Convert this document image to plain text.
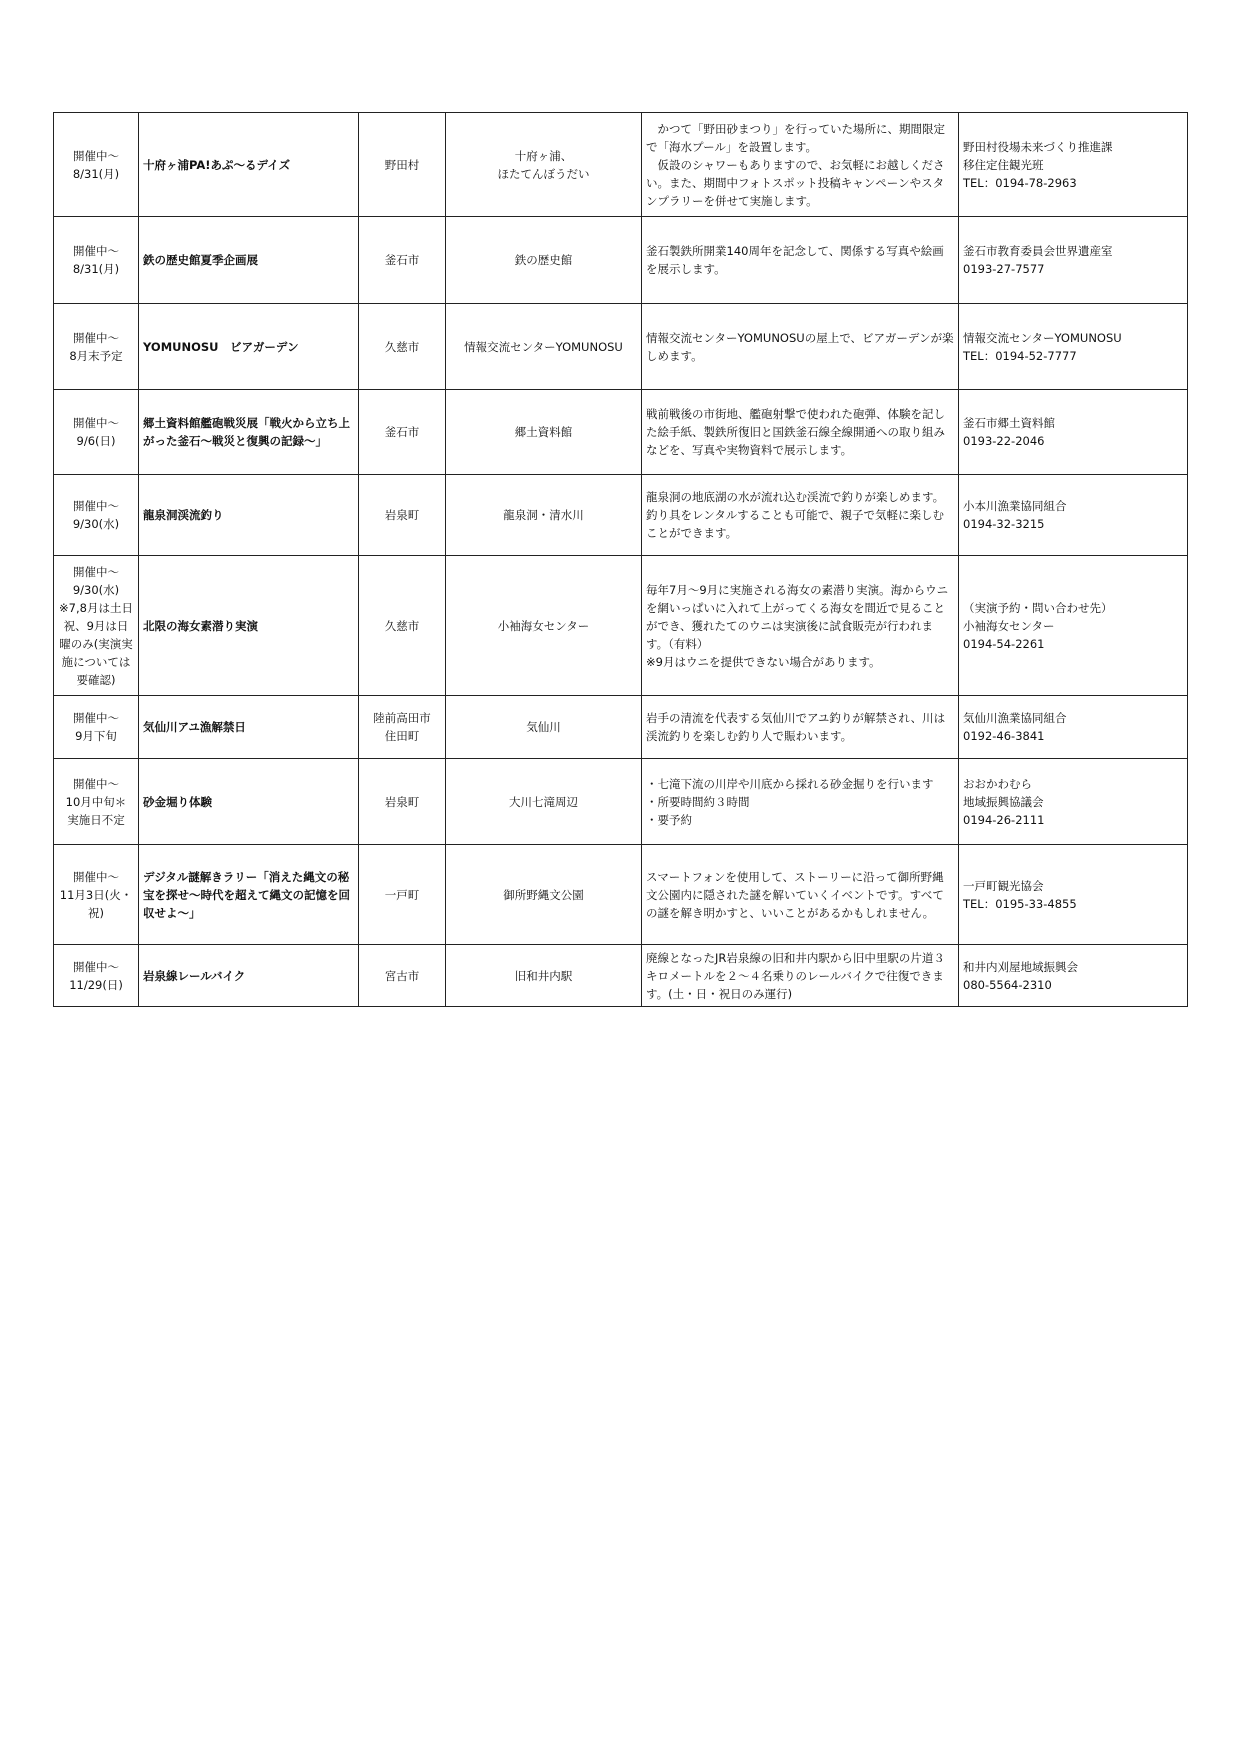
開催中～
8/31(月)	十府ヶ浦PA!あぷ～るデイズ	野田村	十府ヶ浦、
ほたてんぼうだい	　かつて「野田砂まつり」を行っていた場所に、期間限定で「海水プール」を設置します。
　仮設のシャワーもありますので、お気軽にお越しください。また、期間中フォトスポット投稿キャンペーンやスタンプラリーを併せて実施します。	野田村役場未来づくり推進課
移住定住観光班
TEL：0194-78-2963
開催中～
8/31(月)	鉄の歴史館夏季企画展	釜石市	鉄の歴史館	釜石製鉄所開業140周年を記念して、関係する写真や絵画を展示します。	釜石市教育委員会世界遺産室
0193-27-7577
開催中～
8月末予定	YOMUNOSU　ビアガーデン	久慈市	情報交流センターYOMUNOSU	情報交流センターYOMUNOSUの屋上で、ビアガーデンが楽しめます。	情報交流センターYOMUNOSU
TEL：0194-52-7777
開催中～
9/6(日)	郷土資料館艦砲戦災展「戦火から立ち上がった釜石～戦災と復興の記録～」	釜石市	郷土資料館	戦前戦後の市街地、艦砲射撃で使われた砲弾、体験を記した絵手紙、製鉄所復旧と国鉄釜石線全線開通への取り組みなどを、写真や実物資料で展示します。	釜石市郷土資料館
0193-22-2046
開催中～
9/30(水)	龍泉洞渓流釣り	岩泉町	龍泉洞・清水川	龍泉洞の地底湖の水が流れ込む渓流で釣りが楽しめます。釣り具をレンタルすることも可能で、親子で気軽に楽しむことができます。	小本川漁業協同組合
0194-32-3215
開催中～
9/30(水)
※7,8月は土日祝、9月は日曜のみ(実演実施については要確認)	北限の海女素潜り実演	久慈市	小袖海女センター	毎年7月～9月に実施される海女の素潜り実演。海からウニを網いっぱいに入れて上がってくる海女を間近で見ることができ、獲れたてのウニは実演後に試食販売が行われます。（有料）
※9月はウニを提供できない場合があります。	（実演予約・問い合わせ先）
小袖海女センター
0194-54-2261
開催中～
9月下旬	気仙川アユ漁解禁日	陸前高田市
住田町	気仙川	岩手の清流を代表する気仙川でアユ釣りが解禁され、川は渓流釣りを楽しむ釣り人で賑わいます。	気仙川漁業協同組合
0192-46-3841
開催中～
10月中旬＊
実施日不定	砂金堀り体験	岩泉町	大川七滝周辺	・七滝下流の川岸や川底から採れる砂金掘りを行います
・所要時間約３時間
・要予約	おおかわむら
地域振興協議会
0194-26-2111
開催中～
11月3日(火・祝)	デジタル謎解きラリー「消えた縄文の秘宝を探せ～時代を超えて縄文の記憶を回収せよ～」	一戸町	御所野縄文公園	スマートフォンを使用して、ストーリーに沿って御所野縄文公園内に隠された謎を解いていくイベントです。すべての謎を解き明かすと、いいことがあるかもしれません。	一戸町観光協会
TEL：0195-33-4855
開催中～
11/29(日)	岩泉線レールバイク	宮古市	旧和井内駅	廃線となったJR岩泉線の旧和井内駅から旧中里駅の片道３キロメートルを２～４名乗りのレールバイクで往復できます。(土・日・祝日のみ運行)	和井内刈屋地域振興会
080-5564-2310
